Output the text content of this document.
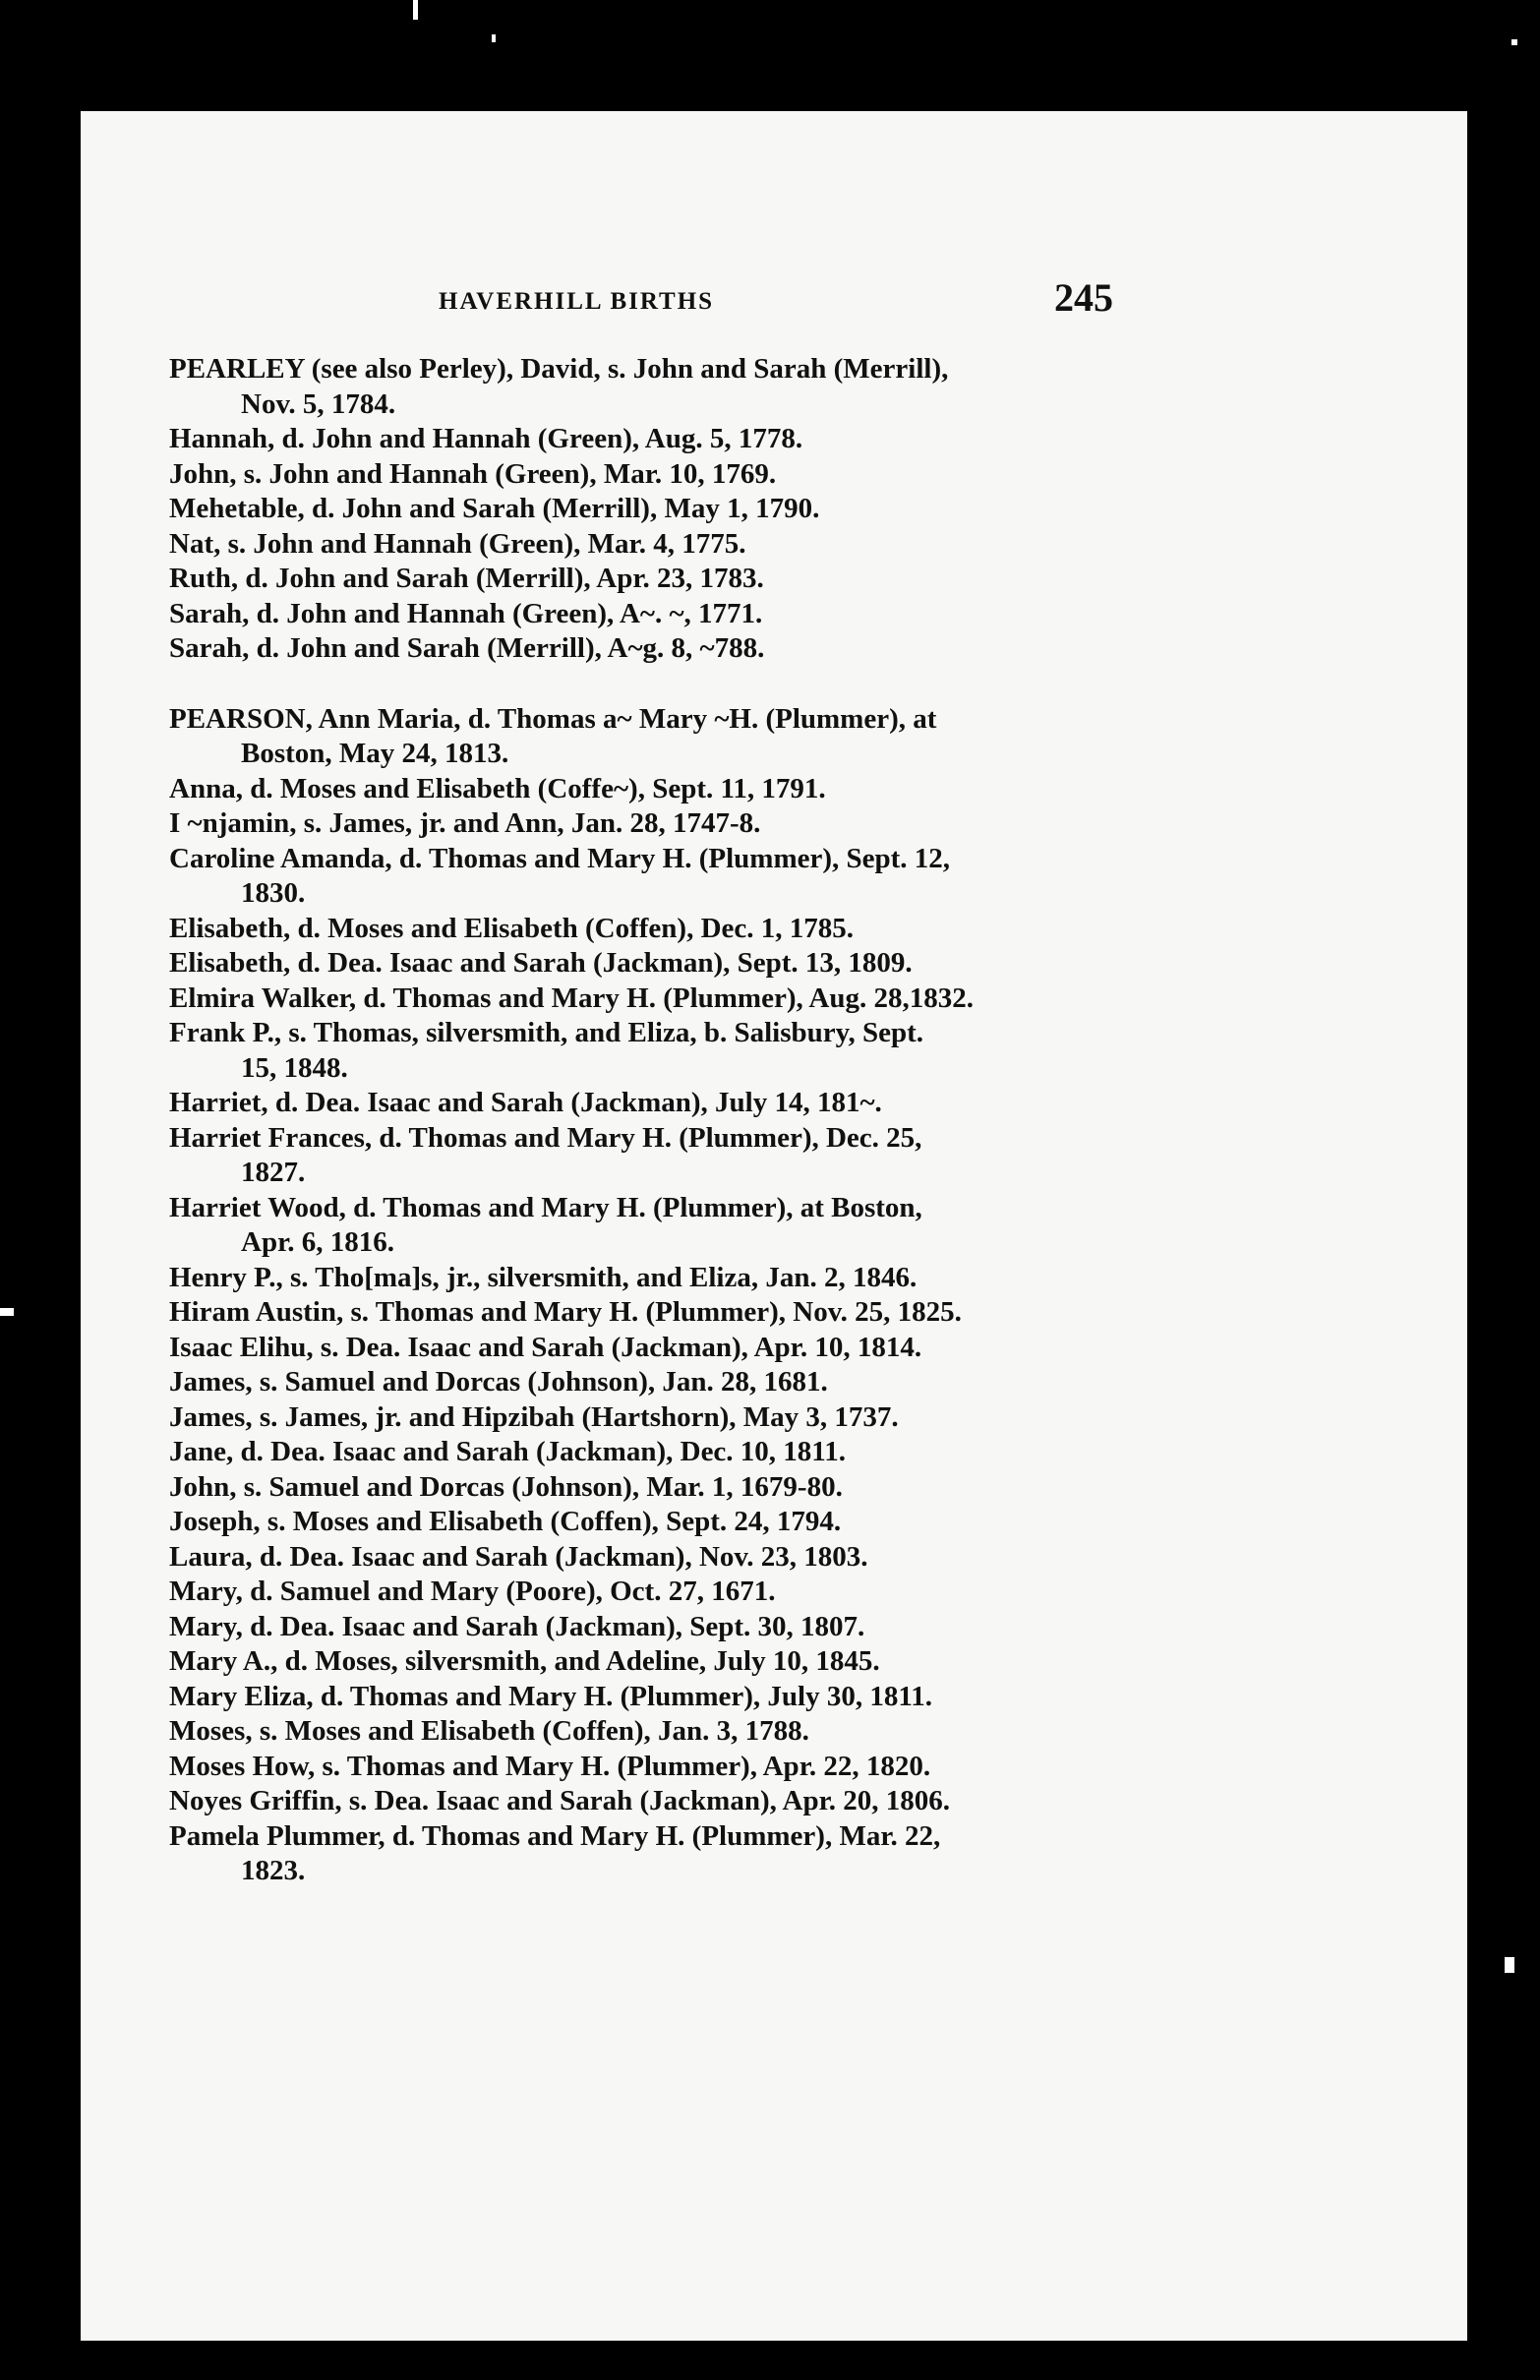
HAVERHILL BIRTHS	245
PEARLEY (see also Perley), David, s. John and Sarah (Merrill),
Nov. 5, 1784.
Hannah, d. John and Hannah (Green), Aug. 5, 1778.
John, s. John and Hannah (Green), Mar. 10, 1769.
Mehetable, d. John and Sarah (Merrill), May 1, 1790.
Nat, s. John and Hannah (Green), Mar. 4, 1775.
Ruth, d. John and Sarah (Merrill), Apr. 23, 1783.
Sarah, d. John and Hannah (Green), A~. ~, 1771.
Sarah, d. John and Sarah (Merrill), A~g. 8, ~788.
PEARSON, Ann Maria, d. Thomas a~ Mary ~H. (Plummer), at
Boston, May 24, 1813.
Anna, d. Moses and Elisabeth (Coffe~), Sept. 11, 1791.
I ~njamin, s. James, jr. and Ann, Jan. 28, 1747-8.
Caroline Amanda, d. Thomas and Mary H. (Plummer), Sept. 12,
1830.
Elisabeth, d. Moses and Elisabeth (Coffen), Dec. 1, 1785.
Elisabeth, d. Dea. Isaac and Sarah (Jackman), Sept. 13, 1809.
Elmira Walker, d. Thomas and Mary H. (Plummer), Aug. 28,1832.
Frank P., s. Thomas, silversmith, and Eliza, b. Salisbury, Sept.
15, 1848.
Harriet, d. Dea. Isaac and Sarah (Jackman), July 14, 181~.
Harriet Frances, d. Thomas and Mary H. (Plummer), Dec. 25,
1827.
Harriet Wood, d. Thomas and Mary H. (Plummer), at Boston,
Apr. 6, 1816.
Henry P., s. Tho[ma]s, jr., silversmith, and Eliza, Jan. 2, 1846.
Hiram Austin, s. Thomas and Mary H. (Plummer), Nov. 25, 1825.
Isaac Elihu, s. Dea. Isaac and Sarah (Jackman), Apr. 10, 1814.
James, s. Samuel and Dorcas (Johnson), Jan. 28, 1681.
James, s. James, jr. and Hipzibah (Hartshorn), May 3, 1737.
Jane, d. Dea. Isaac and Sarah (Jackman), Dec. 10, 1811.
John, s. Samuel and Dorcas (Johnson), Mar. 1, 1679-80.
Joseph, s. Moses and Elisabeth (Coffen), Sept. 24, 1794.
Laura, d. Dea. Isaac and Sarah (Jackman), Nov. 23, 1803.
Mary, d. Samuel and Mary (Poore), Oct. 27, 1671.
Mary, d. Dea. Isaac and Sarah (Jackman), Sept. 30, 1807.
Mary A., d. Moses, silversmith, and Adeline, July 10, 1845.
Mary Eliza, d. Thomas and Mary H. (Plummer), July 30, 1811.
Moses, s. Moses and Elisabeth (Coffen), Jan. 3, 1788.
Moses How, s. Thomas and Mary H. (Plummer), Apr. 22, 1820.
Noyes Griffin, s. Dea. Isaac and Sarah (Jackman), Apr. 20, 1806.
Pamela Plummer, d. Thomas and Mary H. (Plummer), Mar. 22,
1823.
